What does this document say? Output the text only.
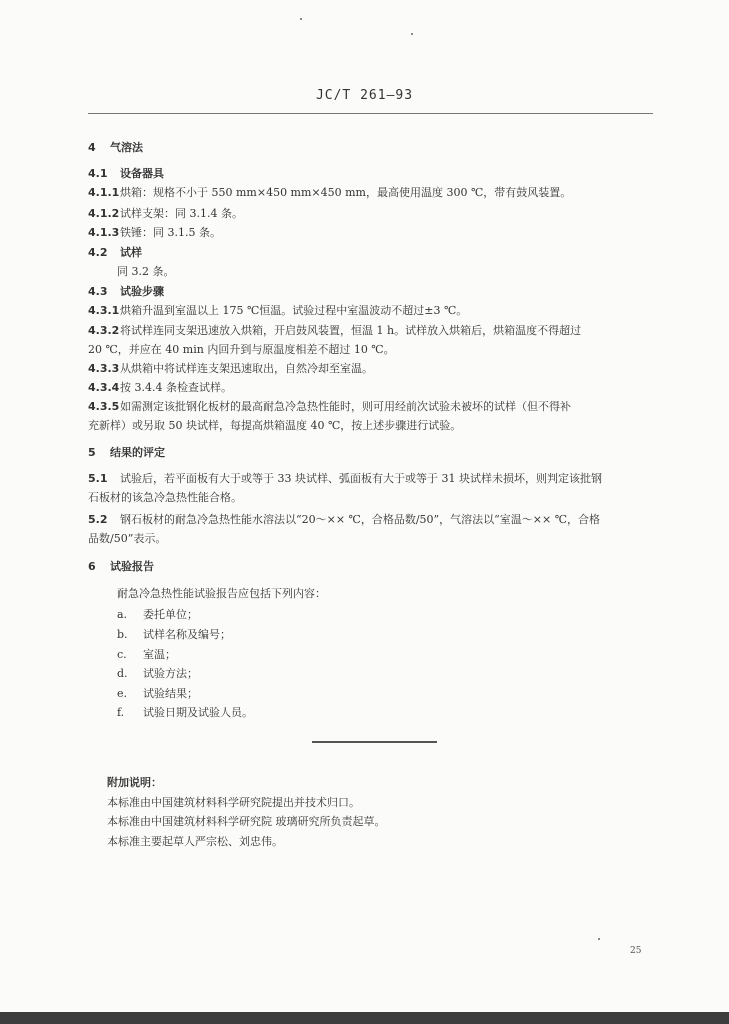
JC/T 261—93
4 气溶法
4.1 设备器具
4.1.1烘箱：规格不小于 550 mm×450 mm×450 mm，最高使用温度 300 ℃，带有鼓风装置。
4.1.2试样支架：同 3.1.4 条。
4.1.3铁锤：同 3.1.5 条。
4.2 试样
同 3.2 条。
4.3 试验步骤
4.3.1烘箱升温到室温以上 175 ℃恒温。试验过程中室温波动不超过±3 ℃。
4.3.2将试样连同支架迅速放入烘箱，开启鼓风装置，恒温 1 h。试样放入烘箱后，烘箱温度不得超过
20 ℃，并应在 40 min 内回升到与原温度相差不超过 10 ℃。
4.3.3从烘箱中将试样连支架迅速取出，自然冷却至室温。
4.3.4按 3.4.4 条检查试样。
4.3.5如需测定该批钢化板材的最高耐急冷急热性能时，则可用经前次试验未被坏的试样（但不得补
充新样）或另取 50 块试样，每提高烘箱温度 40 ℃，按上述步骤进行试验。
5 结果的评定
5.1 试验后，若平面板有大于或等于 33 块试样、弧面板有大于或等于 31 块试样未损坏，则判定该批钢
石板材的该急冷急热性能合格。
5.2 钢石板材的耐急冷急热性能水溶法以“20～×× ℃，合格品数/50”，气溶法以“室温～×× ℃，合格
品数/50”表示。
6 试验报告
耐急冷急热性能试验报告应包括下列内容：
a. 委托单位；
b. 试样名称及编号；
c. 室温；
d. 试验方法；
e. 试验结果；
f. 试验日期及试验人员。
附加说明：
本标准由中国建筑材料科学研究院提出并技术归口。
本标准由中国建筑材料科学研究院 玻璃研究所负责起草。
本标准主要起草人严宗松、刘忠伟。
25
